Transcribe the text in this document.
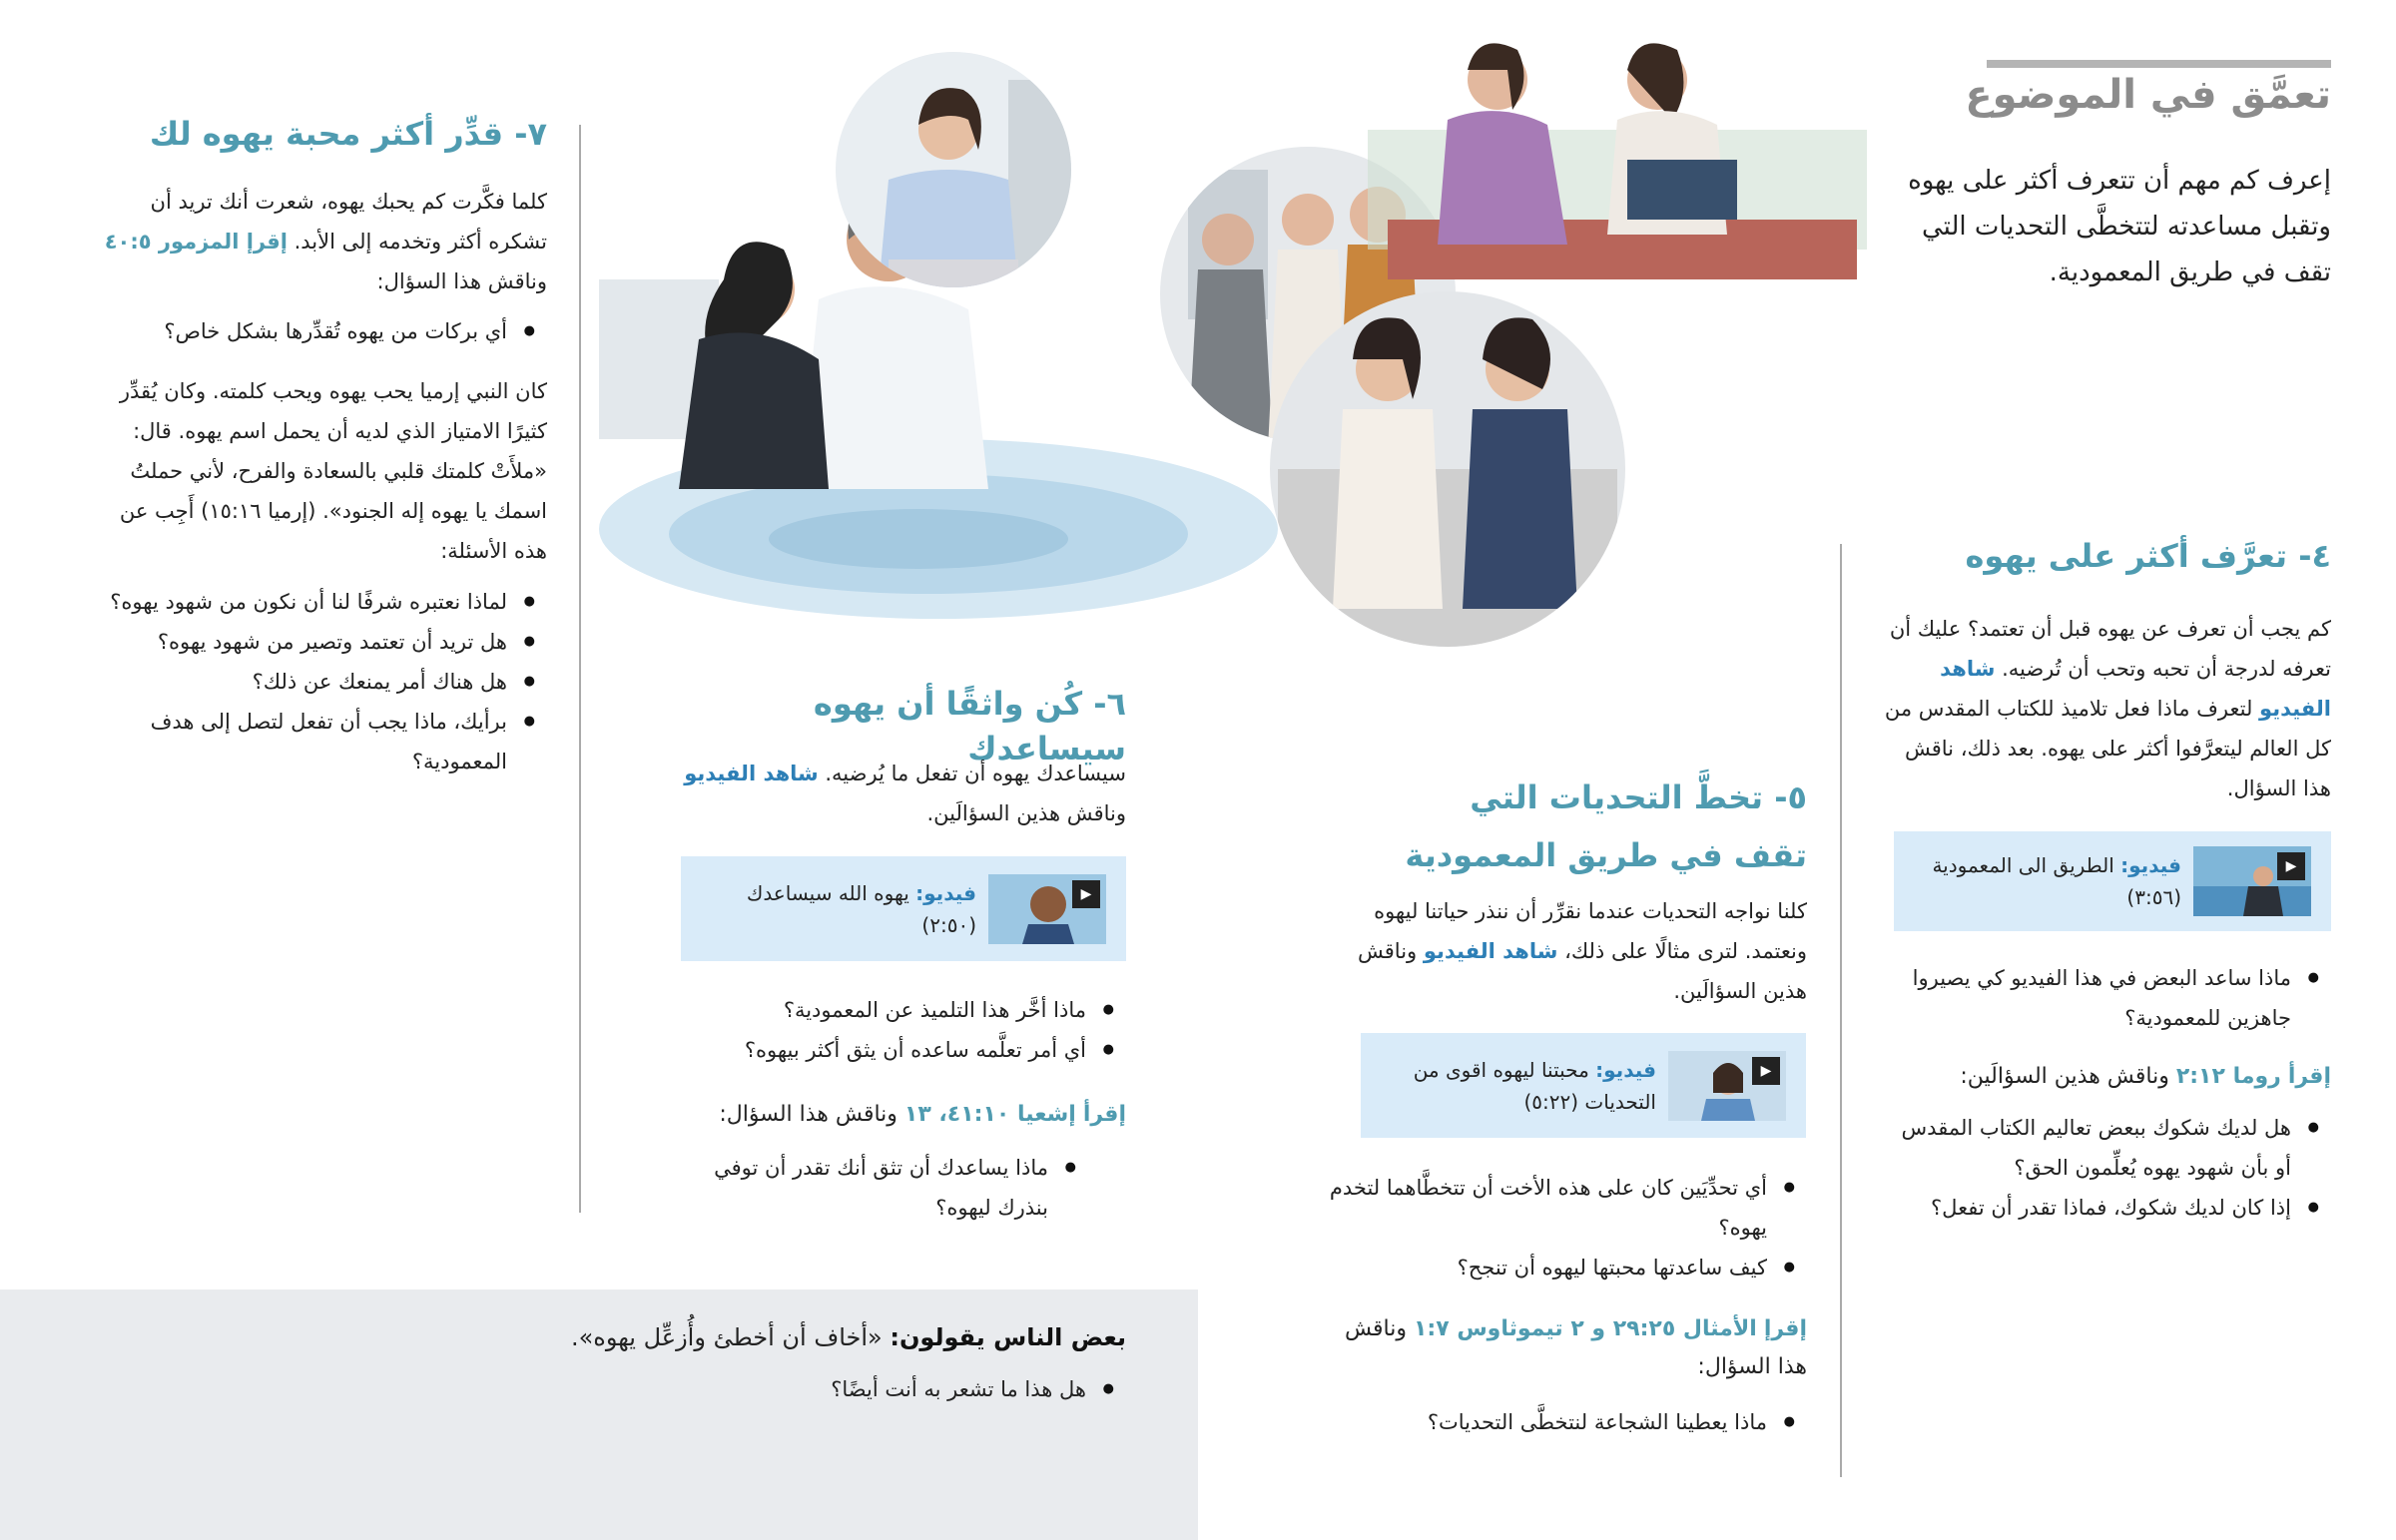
تعمَّق في الموضوع
إعرف كم مهم أن تتعرف أكثر على يهوه وتقبل مساعدته لتتخطَّى التحديات التي تقف في طريق المعمودية.
٤- تعرَّف أكثر على يهوه
كم يجب أن تعرف عن يهوه قبل أن تعتمد؟ عليك أن تعرفه لدرجة أن تحبه وتحب أن تُرضيه. شاهد الفيديو لتعرف ماذا فعل تلاميذ للكتاب المقدس من كل العالم ليتعرَّفوا أكثر على يهوه. بعد ذلك، ناقش هذا السؤال.
▶
فيديو: الطريق الى المعمودية
(٣:٥٦)
● ماذا ساعد البعض في هذا الفيديو كي يصيروا جاهزين للمعمودية؟
إقرأ روما ٢:١٢ وناقش هذين السؤالَين:
● هل لديك شكوك ببعض تعاليم الكتاب المقدس أو بأن شهود يهوه يُعلِّمون الحق؟
● إذا كان لديك شكوك، فماذا تقدر أن تفعل؟
٥- تخطَّ التحديات التي تقف في طريق المعمودية
كلنا نواجه التحديات عندما نقرِّر أن ننذر حياتنا ليهوه ونعتمد. لترى مثالًا على ذلك، شاهد الفيديو وناقش هذين السؤالَين.
▶
فيديو: محبتنا ليهوه اقوى من التحديات (٥:٢٢)
● أي تحدِّيَين كان على هذه الأخت أن تتخطَّاهما لتخدم يهوه؟
● كيف ساعدتها محبتها ليهوه أن تنجح؟
إقرإ الأمثال ٢٩:٢٥ و ٢ تيموثاوس ١:٧ وناقش هذا السؤال:
● ماذا يعطينا الشجاعة لنتخطَّى التحديات؟
٦- كُن واثقًا أن يهوه سيساعدك
سيساعدك يهوه أن تفعل ما يُرضيه. شاهد الفيديو وناقش هذين السؤالَين.
▶
فيديو: يهوه الله سيساعدك
(٢:٥٠)
● ماذا أخَّر هذا التلميذ عن المعمودية؟
● أي أمر تعلَّمه ساعده أن يثق أكثر بيهوه؟
إقرأ إشعيا ٤١:١٠، ١٣ وناقش هذا السؤال:
● ماذا يساعدك أن تثق أنك تقدر أن توفي بنذرك ليهوه؟
٧- قدِّر أكثر محبة يهوه لك
كلما فكَّرت كم يحبك يهوه، شعرت أنك تريد أن تشكره أكثر وتخدمه إلى الأبد. إقرإ المزمور ٤٠:٥ وناقش هذا السؤال:
● أي بركات من يهوه تُقدِّرها بشكل خاص؟
كان النبي إرميا يحب يهوه ويحب كلمته. وكان يُقدِّر كثيرًا الامتياز الذي لديه أن يحمل اسم يهوه. قال: «ملأَتْ كلمتك قلبي بالسعادة والفرح، لأني حملتُ اسمك يا يهوه إله الجنود». (إرميا ١٥:١٦) أَجِب عن هذه الأسئلة:
● لماذا نعتبره شرفًا لنا أن نكون من شهود يهوه؟
● هل تريد أن تعتمد وتصير من شهود يهوه؟
● هل هناك أمر يمنعك عن ذلك؟
● برأيك، ماذا يجب أن تفعل لتصل إلى هدف المعمودية؟
بعض الناس يقولون: «أخاف أن أخطئ وأُزعِّل يهوه».
● هل هذا ما تشعر به أنت أيضًا؟
